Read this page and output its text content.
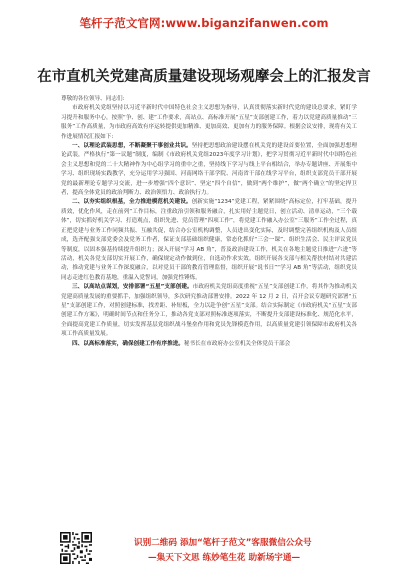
笔杆子范文官网:www.biganzifanwen.com
在市直机关党建高质量建设现场观摩会上的汇报发言

尊敬的各位领导、同志们:

市政府机关党组坚持以习近平新时代中国特色社会主义思想为指导，认真贯彻落实新时代党的建设总要求，紧盯学习提升和服务中心，按照“争、创、建”工作要求，高站点、高标准开展“五星”支部创建工作，着力以党建高质量推动“三服务”工作高质量，为市政府高效有序运转提供更加精准、更加高效、更加有力的服务保障。根据会议安排，现将有关工作进展情况汇报如下:

一、以理论武装思想，不断凝聚干事创业共识。坚持把思想政治建设摆在机关党的建设首要位置，全面加强思想理论武装，严格执行“第一议题”制度，编制《市政府机关党组2023年度学习计划》，把学习贯彻习近平新时代中国特色社会主义思想和党的二十大精神作为中心组学习的重中之重，坚持线下学习与线上平台相结合，举办专题讲座、开展集中学习、组织现场实践教学，充分运用学习强国、河南网络干部学院、河南省干部在线学习平台，组织支部党员干部开展党的最新理论专题学习交流，进一步增强“四个意识”、坚定“四个自信”，做到“两个维护”，做“两个确立”的坚定捍卫者，提高全体党员的政治判断力、政治领悟力、政治执行力。

二、以夯实组织根基，全力推进模范机关建设。创新实施“1234”党建工程，紧紧围绕“高标定位，打牢基础，提升质效，优化作风，走在前列”工作目标，注重政治引领和服务融合，扎实用好主题党日，创立活动、清单运动，“三个载体”，切实抓好机关学习、打造观点，组织先进、党员管理“四项工作”，将党建工作融入办公室“三服务”工作全过程，真正把党建与业务工作同频共振、互融共促，结合办公室机构调整，人员进出变化实际，及时调整完善组织机构及人员组成，选齐配强支部党委会及党务工作者，保证支部基础组织健康，常态化抓好“三会一课”、组织生活会、民主评议党员等制度，以固本强基持续提升组织力；深入开展“学习 AB 角”，普及政治建设工作，机关在各地主题党日推进“六进”等活动，机关各党支部切实开展工作，确保规定动作做到位，自选动作求实效。组织开展各支部与相关帮扶村结对共建活动，推动党建与业务工作深度融合，以对党员干部的教育管理监督，组织开展“说书日”“学习 AB 角”等活动，组织党员同志走进红色教育基地，重温入党誓词，加强党性锤炼。

三、以高站点谋划，安排部署“五星”支部创建。市政府机关党组高度重视“五星”支部创建工作，将其作为推动机关党建高质量发展的重要抓手，加强组织领导，多次研究推动部署安排。2022 年 12 月 2 日，召开会议专题研究部署“五星”支部创建工作，对照创建标准，找差距、补短板，全力以赴争创“五星”支部。结合实际制定《市政府机关“五星”支部创建工作方案》，明确时间节点和任务分工，推动各党支部对照标准逐项落实，不断提升支部建设标准化、规范化水平，全面提高党建工作质量，切实发挥基层党组织战斗堡垒作用和党员先锋模范作用，以高质量党建引领保障市政府机关各项工作高质量发展。

四、以高标准落实，确保创建工作有序推进。秘书长在市政府办公室机关全体党员干部会

识别二维码 添加“笔杆子范文”客服微信公众号
—集天下文思 练妙笔生花 助新场宇通—
